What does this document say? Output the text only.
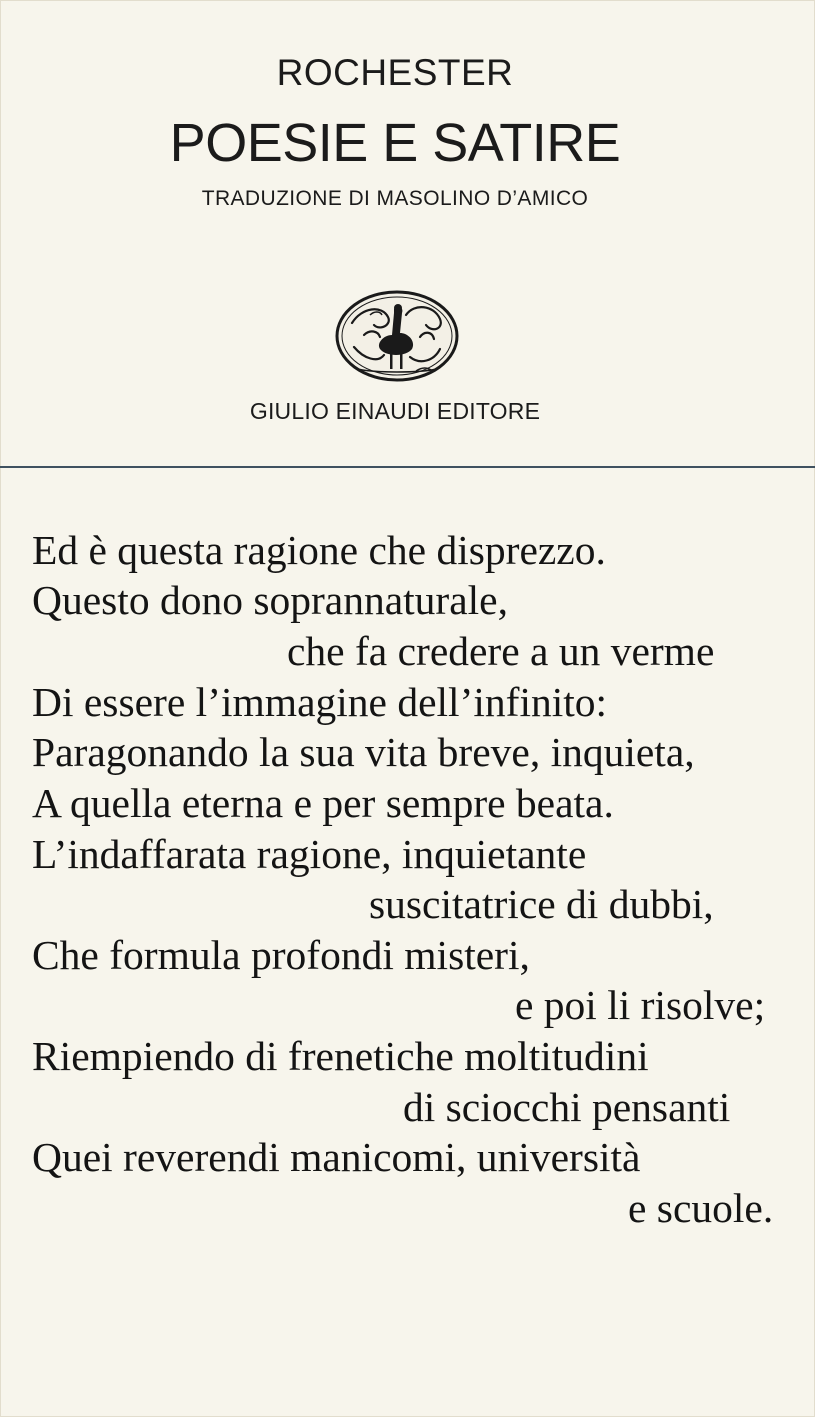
ROCHESTER
POESIE E SATIRE
TRADUZIONE DI MASOLINO D’AMICO
GIULIO EINAUDI EDITORE
Ed è questa ragione che disprezzo.
Questo dono soprannaturale,
che fa credere a un verme
Di essere l’immagine dell’infinito:
Paragonando la sua vita breve, inquieta,
A quella eterna e per sempre beata.
L’indaffarata ragione, inquietante
suscitatrice di dubbi,
Che formula profondi misteri,
e poi li risolve;
Riempiendo di frenetiche moltitudini
di sciocchi pensanti
Quei reverendi manicomi, università
e scuole.
